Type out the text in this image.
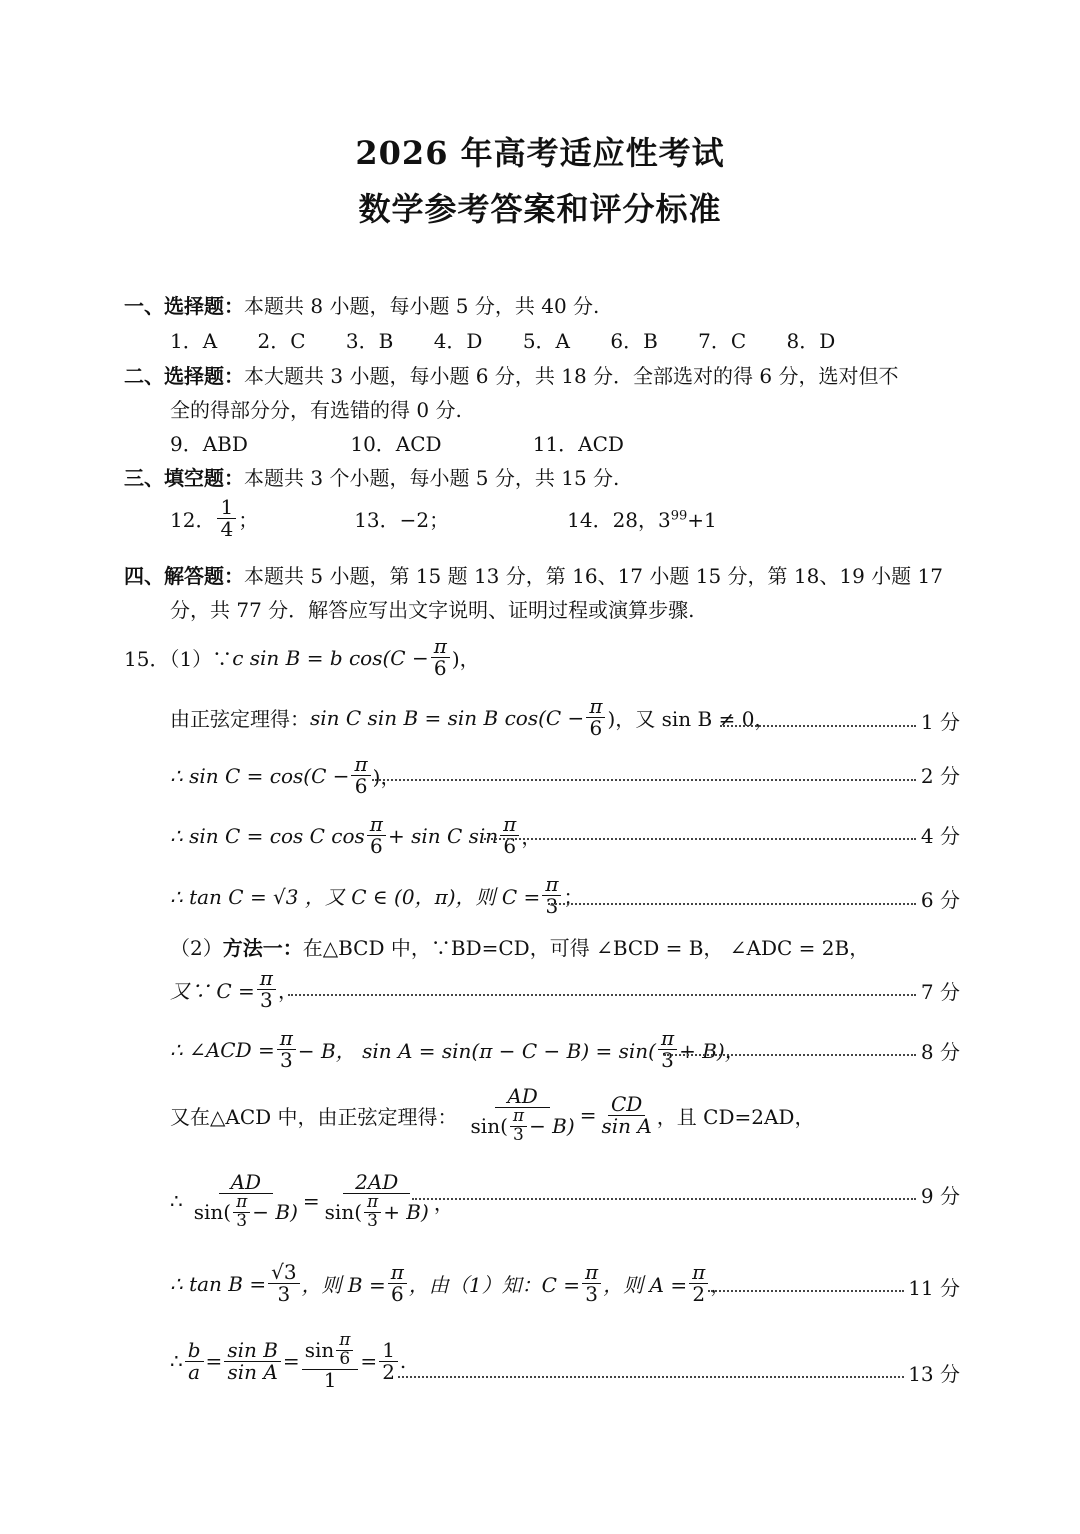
2026 年高考适应性考试
数学参考答案和评分标准
一、选择题：本题共 8 小题，每小题 5 分，共 40 分.
1．A 2．C 3．B 4．D 5．A 6．B 7．C 8．D
二、选择题：本大题共 3 小题，每小题 6 分，共 18 分．全部选对的得 6 分，选对但不
全的得部分分，有选错的得 0 分.
9．ABD	10．ACD	11．ACD
三、填空题：本题共 3 个小题，每小题 5 分，共 15 分.
12． $\frac{1}{4}$ ；	13．−2；	14．28，$3^{99}+1$
四、解答题：本题共 5 小题，第 15 题 13 分，第 16、17 小题 15 分，第 18、19 小题 17
分，共 77 分．解答应写出文字说明、证明过程或演算步骤.
15．（1）∵ c sin B = b $\cos(C - \frac{\pi}{6}$ )，
由正弦定理得： sin C sin B = sin B $\cos(C - \frac{\pi}{6}$ )，又 sin B ≠ 0，	1 分
∴ $\sin C = \cos(C - \frac{\pi}{6}$ )，	2 分
∴ sin C = cos C $\cos \frac{\pi}{6} + \sin C$ $\sin \frac{\pi}{6}$ ，	4 分
∴ tan C = √3 ，又 C ∈ (0，π)，则 $C = \frac{\pi}{3}$ ；	6 分
（2）方法一：在△BCD 中，∵BD=CD，可得 ∠BCD = B， ∠ADC = 2B，
又∵ $C = \frac{\pi}{3}$ ，	7 分
∴ ∠ACD = $\frac{\pi}{3} - B$， $\sin A = \sin(\pi - C - B) = \sin( \frac{\pi}{3} + B)$，	8 分
又在△ACD 中，由正弦定理得： $\frac{AD}{\sin( \frac{\pi}{3} - B)} = \frac{CD}{\text{sin A}}$ ，且 CD=2AD，
∴ $\frac{AD}{\sin( \frac{\pi}{3} - B)} = \frac{2AD}{\sin( \frac{\pi}{3} + B)}$ ，	9 分
∴ $\tan B = \frac{√3}{3}$ ，则 $B = \frac{\pi}{6}$ ，由（1）知：$C = \frac{\pi}{3}$ ，则 $A = \frac{\pi}{2}$ ，	11 分
∴ $\frac{b}{a} = \frac{\text{sin B}}{\text{sin A}} = \frac{\sin \frac{\pi}{6}}{1} = \frac{1}{2}$ .
13 分
